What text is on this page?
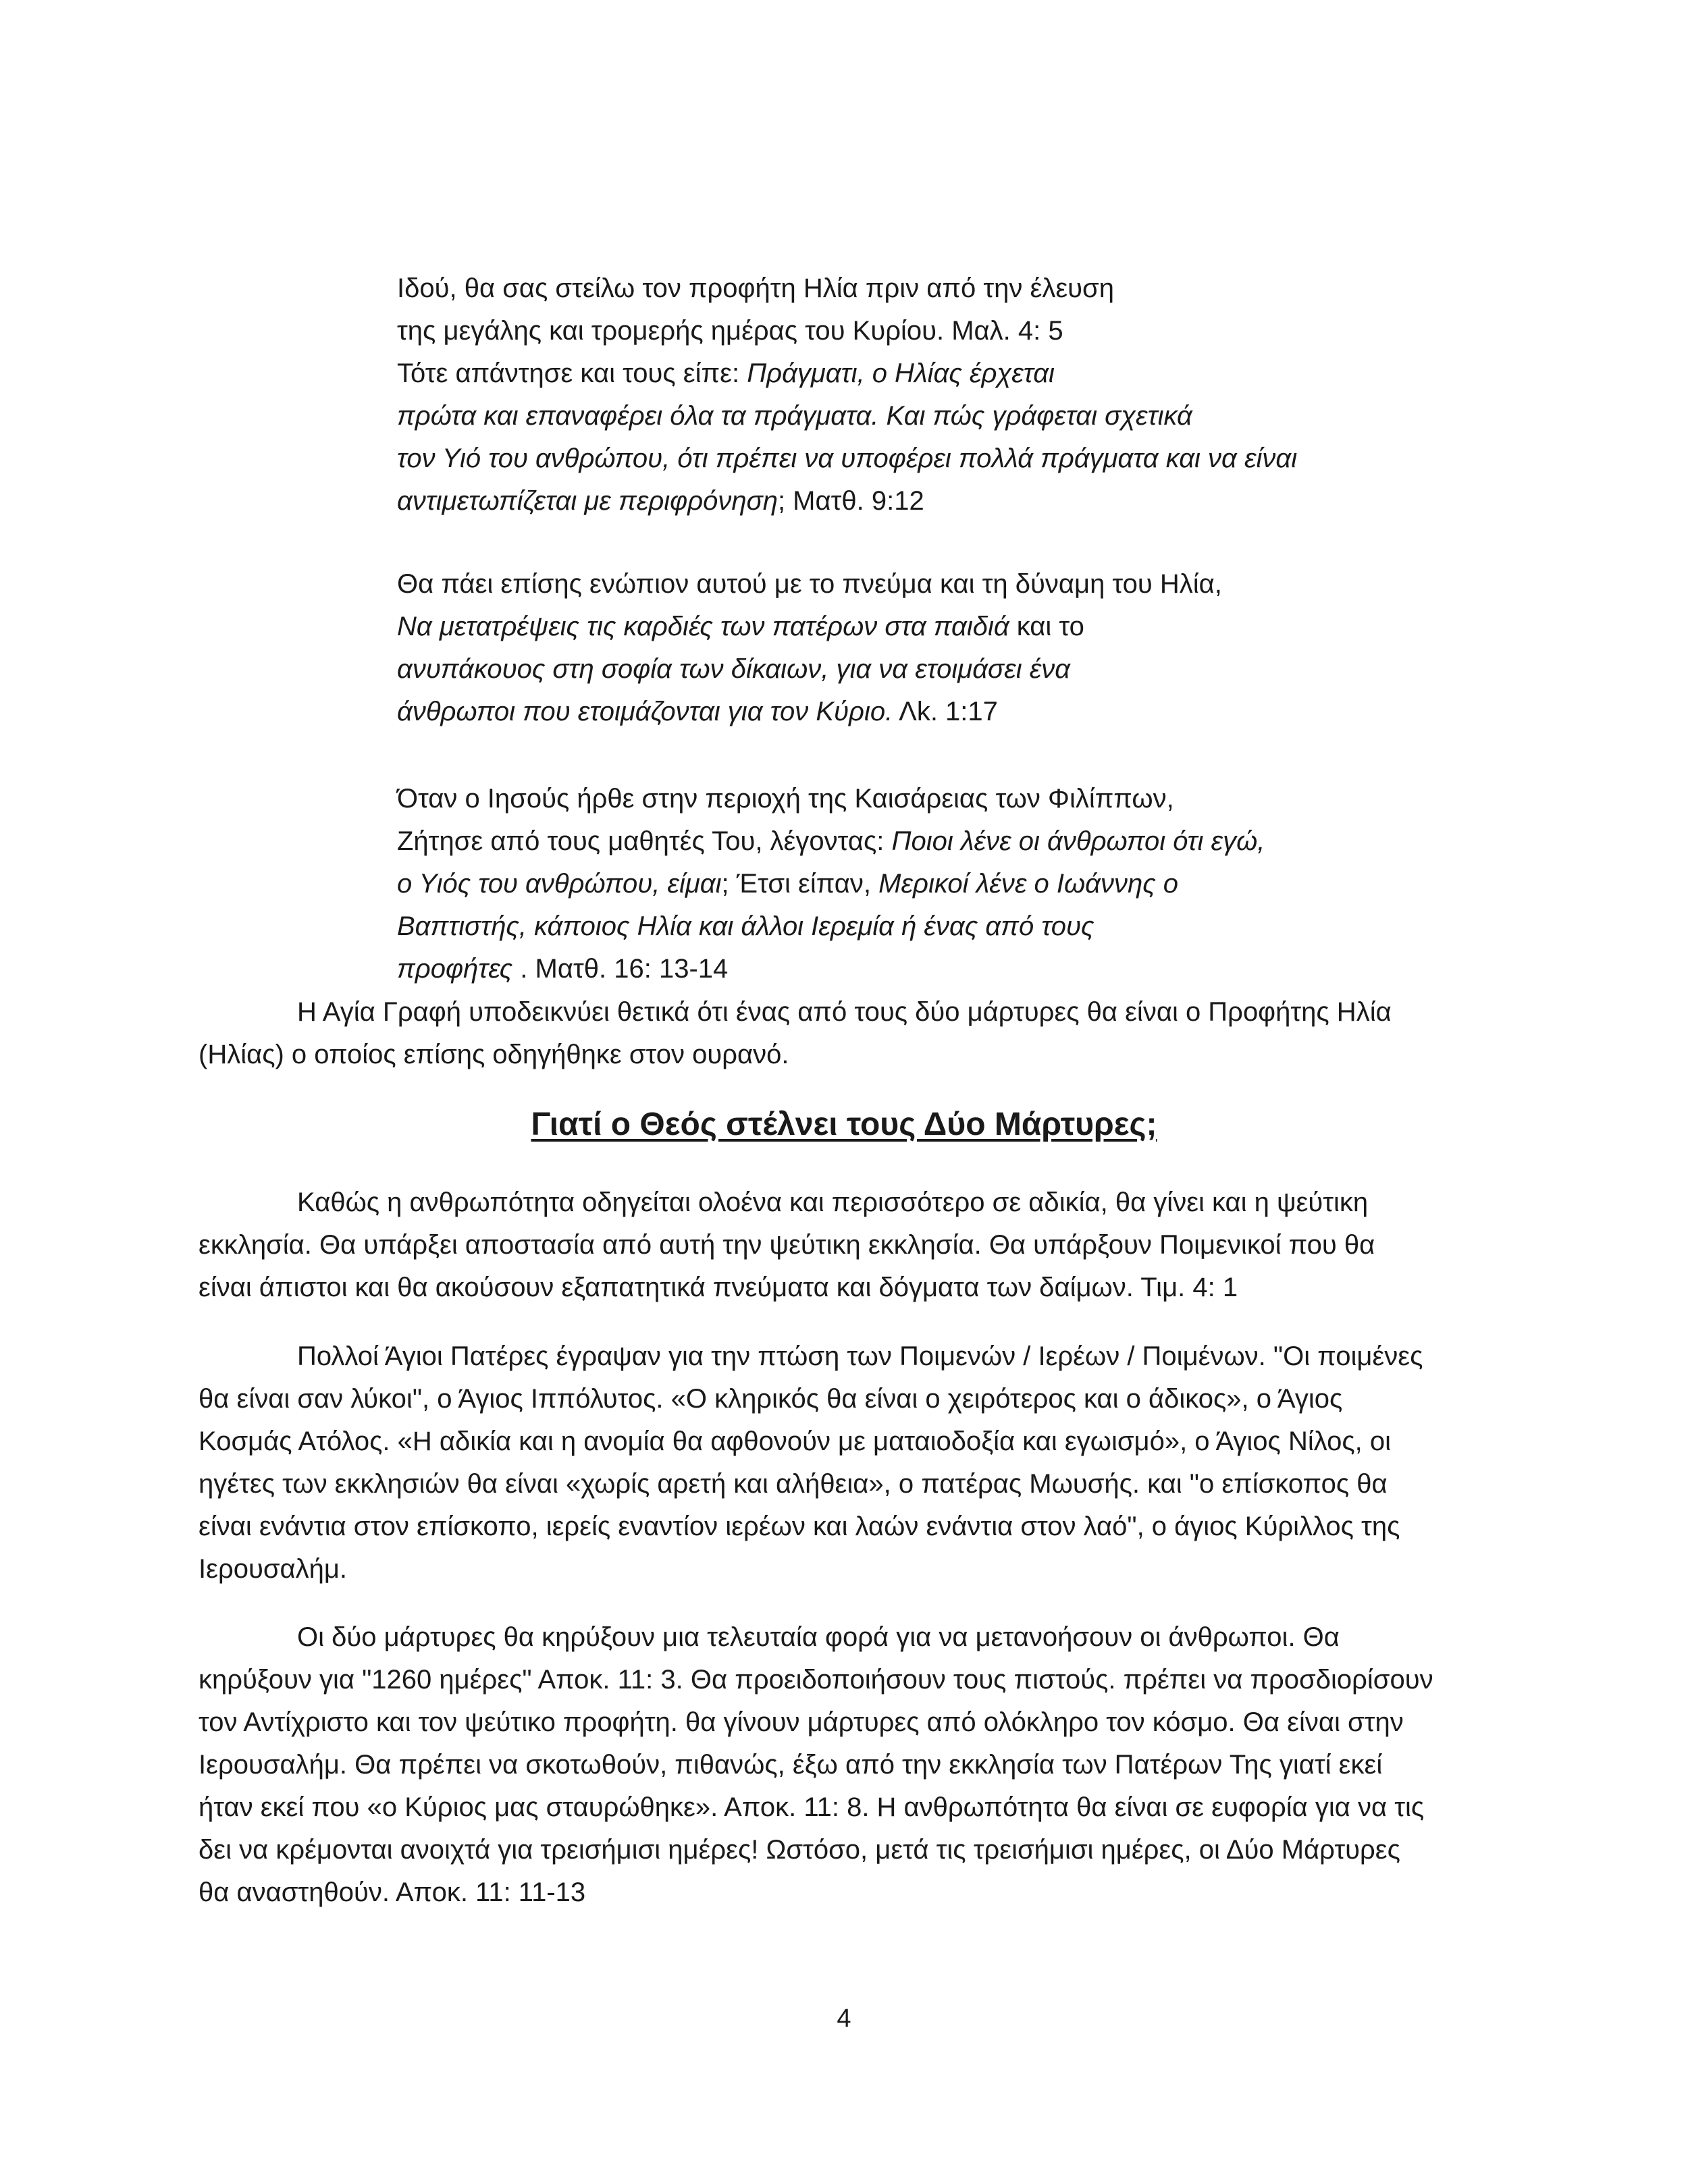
Ιδού, θα σας στείλω τον προφήτη Ηλία πριν από την έλευση
της μεγάλης και τρομερής ημέρας του Κυρίου. Μαλ. 4: 5
Τότε απάντησε και τους είπε: Πράγματι, ο Ηλίας έρχεται
πρώτα και επαναφέρει όλα τα πράγματα. Και πώς γράφεται σχετικά
τον Υιό του ανθρώπου, ότι πρέπει να υποφέρει πολλά πράγματα και να είναι
αντιμετωπίζεται με περιφρόνηση; Ματθ. 9:12
Θα πάει επίσης ενώπιον αυτού με το πνεύμα και τη δύναμη του Ηλία,
Να μετατρέψεις τις καρδιές των πατέρων στα παιδιά και το
ανυπάκουος στη σοφία των δίκαιων, για να ετοιμάσει ένα
άνθρωποι που ετοιμάζονται για τον Κύριο. Λk. 1:17
Όταν ο Ιησούς ήρθε στην περιοχή της Καισάρειας των Φιλίππων,
Ζήτησε από τους μαθητές Του, λέγοντας: Ποιοι λένε οι άνθρωποι ότι εγώ,
ο Υιός του ανθρώπου, είμαι; Έτσι είπαν, Μερικοί λένε ο Ιωάννης ο
Βαπτιστής, κάποιος Ηλία και άλλοι Ιερεμία ή ένας από τους
προφήτες . Ματθ. 16: 13-14
Η Αγία Γραφή υποδεικνύει θετικά ότι ένας από τους δύο μάρτυρες θα είναι ο Προφήτης Ηλία
(Ηλίας) ο οποίος επίσης οδηγήθηκε στον ουρανό.
Γιατί ο Θεός στέλνει τους Δύο Μάρτυρες;
Καθώς η ανθρωπότητα οδηγείται ολοένα και περισσότερο σε αδικία, θα γίνει και η ψεύτικη
εκκλησία. Θα υπάρξει αποστασία από αυτή την ψεύτικη εκκλησία. Θα υπάρξουν Ποιμενικοί που θα
είναι άπιστοι και θα ακούσουν εξαπατητικά πνεύματα και δόγματα των δαίμων. Τιμ. 4: 1
Πολλοί Άγιοι Πατέρες έγραψαν για την πτώση των Ποιμενών / Ιερέων / Ποιμένων. "Οι ποιμένες
θα είναι σαν λύκοι", ο Άγιος Ιππόλυτος. «Ο κληρικός θα είναι ο χειρότερος και ο άδικος», ο Άγιος
Κοσμάς Ατόλος. «Η αδικία και η ανομία θα αφθονούν με ματαιοδοξία και εγωισμό», ο Άγιος Νίλος, οι
ηγέτες των εκκλησιών θα είναι «χωρίς αρετή και αλήθεια», ο πατέρας Μωυσής. και "ο επίσκοπος θα
είναι ενάντια στον επίσκοπο, ιερείς εναντίον ιερέων και λαών ενάντια στον λαό", ο άγιος Κύριλλος της
Ιερουσαλήμ.
Οι δύο μάρτυρες θα κηρύξουν μια τελευταία φορά για να μετανοήσουν οι άνθρωποι. Θα
κηρύξουν για "1260 ημέρες" Αποκ. 11: 3. Θα προειδοποιήσουν τους πιστούς. πρέπει να προσδιορίσουν
τον Αντίχριστο και τον ψεύτικο προφήτη. θα γίνουν μάρτυρες από ολόκληρο τον κόσμο. Θα είναι στην
Ιερουσαλήμ. Θα πρέπει να σκοτωθούν, πιθανώς, έξω από την εκκλησία των Πατέρων Της γιατί εκεί
ήταν εκεί που «ο Κύριος μας σταυρώθηκε». Αποκ. 11: 8. Η ανθρωπότητα θα είναι σε ευφορία για να τις
δει να κρέμονται ανοιχτά για τρεισήμισι ημέρες! Ωστόσο, μετά τις τρεισήμισι ημέρες, οι Δύο Μάρτυρες
θα αναστηθούν. Αποκ. 11: 11-13
4
